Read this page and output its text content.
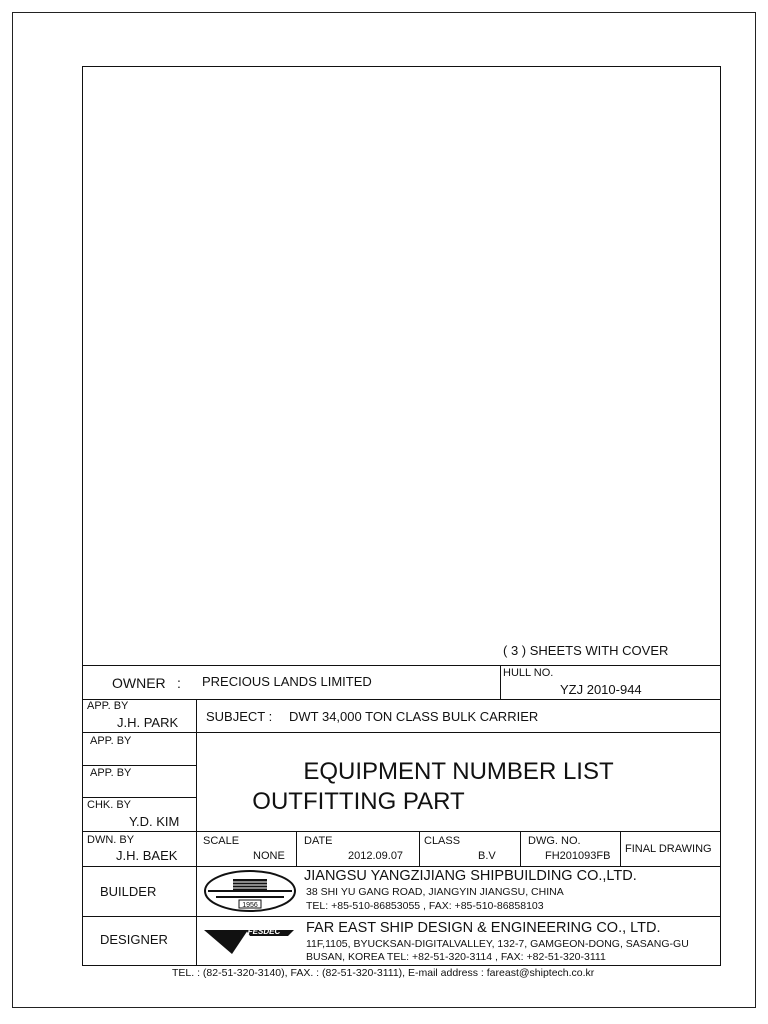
( 3 ) SHEETS WITH COVER
OWNER : PRECIOUS LANDS LIMITED
HULL NO.
YZJ 2010-944
APP. BY
J.H. PARK
APP. BY
APP. BY
CHK. BY
Y.D. KIM
SUBJECT : DWT 34,000 TON CLASS BULK CARRIER
EQUIPMENT NUMBER LIST
OUTFITTING PART
DWN. BY
J.H. BAEK
SCALE
NONE
DATE
2012.09.07
CLASS
B.V
DWG. NO.
FH201093FB
FINAL DRAWING
BUILDER
1956
JIANGSU YANGZIJIANG SHIPBUILDING CO.,LTD.
38 SHI YU GANG ROAD, JIANGYIN JIANGSU, CHINA
TEL: +85-510-86853055 , FAX: +85-510-86858103
DESIGNER
FESDEC FAR EAST SHIP DESIGN & ENGINEERING CO., LTD.
11F,1105, BYUCKSAN-DIGITALVALLEY, 132-7, GAMGEON-DONG, SASANG-GU
BUSAN, KOREA TEL: +82-51-320-3114 , FAX: +82-51-320-3111
TEL. : (82-51-320-3140), FAX. : (82-51-320-3111), E-mail address : fareast@shiptech.co.kr
